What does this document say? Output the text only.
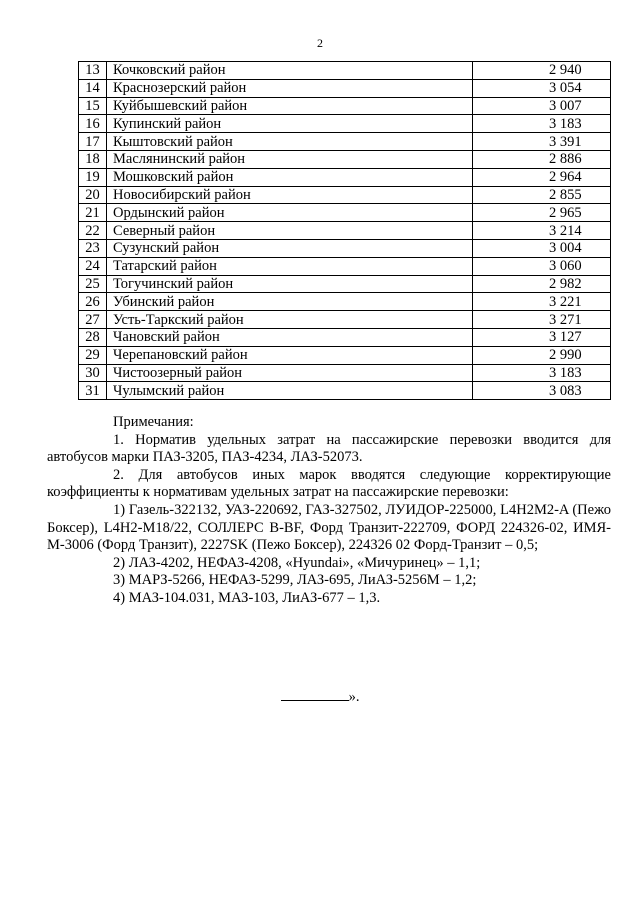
2
13	Кочковский район	2 940
14	Краснозерский район	3 054
15	Куйбышевский район	3 007
16	Купинский район	3 183
17	Кыштовский район	3 391
18	Маслянинский район	2 886
19	Мошковский район	2 964
20	Новосибирский район	2 855
21	Ордынский район	2 965
22	Северный район	3 214
23	Сузунский район	3 004
24	Татарский район	3 060
25	Тогучинский район	2 982
26	Убинский район	3 221
27	Усть-Таркский район	3 271
28	Чановский район	3 127
29	Черепановский район	2 990
30	Чистоозерный район	3 183
31	Чулымский район	3 083

Примечания:

1. Норматив удельных затрат на пассажирские перевозки вводится для автобусов марки ПАЗ-3205, ПАЗ-4234, ЛАЗ-52073.

2. Для автобусов иных марок вводятся следующие корректирующие коэффициенты к нормативам удельных затрат на пассажирские перевозки:

1) Газель-322132, УАЗ-220692, ГАЗ-327502, ЛУИДОР-225000, L4H2M2-A (Пежо Боксер), L4H2-M18/22, СОЛЛЕРС B-BF, Форд Транзит-222709, ФОРД 224326-02, ИМЯ-М-3006 (Форд Транзит), 2227SK (Пежо Боксер), 224326 02 Форд-Транзит – 0,5;

2) ЛАЗ-4202, НЕФАЗ-4208, «Hyundai», «Мичуринец» – 1,1;

3) МАРЗ-5266, НЕФАЗ-5299, ЛАЗ-695, ЛиАЗ-5256М – 1,2;

4) МАЗ-104.031, МАЗ-103, ЛиАЗ-677 – 1,3.

».
